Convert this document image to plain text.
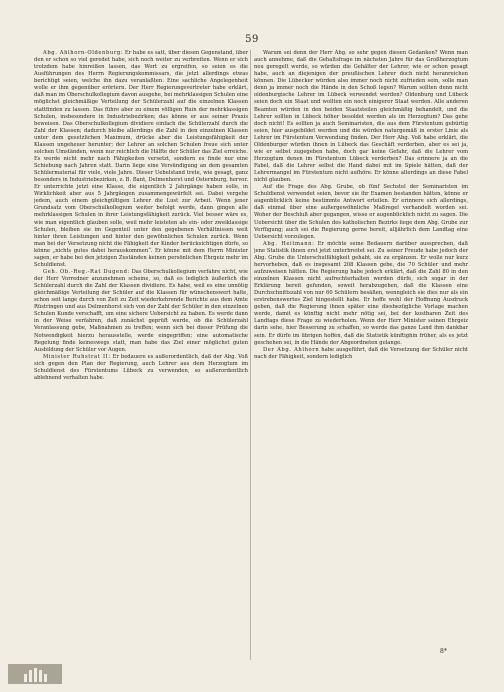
59

Abg. Ahlhorn-Oldenburg: Er habe es satt, über diesen Gegenstand, über den er schon so viel geredet habe, sich noch weiter zu verbreiten. Wenn er sich trotzdem habe hinreißen lassen, das Wort zu ergreifen, so seien es die Ausführungen des Herrn Regierungskommissars, die jetzt allerdings etwas berichtigt seien, welche ihn dazu veranlaßten. Eine sachliche Angelegenheit wolle er ihm gegenüber erörtern. Der Herr Regierungsvertreter habe erklärt, daß man im Oberschulkollegium davon ausgehe, bei mehrklassigen Schulen eine möglichst gleichmäßige Verteilung der Schülerzahl auf die einzelnen Klassen stattfinden zu lassen. Das führe aber zu einem völligen Ruin der mehrklassigen Schulen, insbesondere in Industriebezirken; das könne er aus seiner Praxis beweisen. Das Oberschulkollegium dividiere einfach die Schülerzahl durch die Zahl der Klassen; dadurch bleibe allerdings die Zahl in den einzelnen Klassen unter dem gesetzlichen Maximum, drücke aber die Leistungsfähigkeit der Klassen ungeheuer herunter; der Lehrer an solchen Schulen freue sich unter solchen Umständen, wenn nur reichlich die Hälfte der Schüler das Ziel erreiche. Es werde nicht mehr nach Fähigkeiten versetzt, sondern es finde nur eine Schiebung nach Jahren statt. Darin liege eine Versündigung an dem gesamten Schülermaterial für viele, viele Jahre. Dieser Uebelstand trete, wie gesagt, ganz besonders in Industriebezirken, z. B. Bant, Delmenhorst und Osternburg, hervor. Er unterrichte jetzt eine Klasse, die eigentlich 2 Jahrgänge haben solle, in Wirklichkeit aber aus 5 Jahrgängen zusammengewürfelt sei. Dabei vergehe jedem, auch einem gleichgültigen Lehrer die Lust zur Arbeit. Wenn jener Grundsatz vom Oberschulkollegium weiter befolgt werde, dann gingen alle mehrklassigen Schulen in ihrer Leistungsfähigkeit zurück. Viel besser wäre es, wie man eigentlich glauben solle, weil mehr leisteten als ein- oder zweiklassige Schulen, bleiben sie im Gegenteil unter den gegebenen Verhältnissen weit hinter ihren Leistungen und hinter den gewöhnlichen Schulen zurück. Wenn man bei der Versetzung nicht die Fähigkeit der Kinder berücksichtigen dürfe, so könne „nichts gutes dabei herauskommen“. Er könne mit dem Herrn Minister sagen, er habe bei den jetzigen Zuständen keinen persönlichen Ehrgeiz mehr im Schuldienst.

Geh. Ob.-Reg.-Rat Dugend: Das Oberschulkollegium verfahre nicht, wie der Herr Vorredner anzunehmen scheine, so, daß es lediglich äußerlich die Schülerzahl durch die Zahl der Klassen dividiere. Es habe, weil es eine unnötig gleichmäßige Verteilung der Schüler auf die Klassen für wünschenswert halte, schon seit lange durch von Zeit zu Zeit wiederkehrende Berichte aus dem Amte Rüstringen und aus Delmenhorst sich von der Zahl der Schüler in den einzelnen Schulen Kunde verschafft, um eine sichere Uebersicht zu haben. Es werde dann in der Weise verfahren, daß zunächst geprüft werde, ob die Schülerzahl Veranlassung gebe, Maßnahmen zu treffen; wenn sich bei dieser Prüfung die Notwendigkeit hierzu herausstelle, werde eingegriffen; eine automatische Regelung finde keineswegs statt, man habe das Ziel einer möglichst guten Ausbildung der Schüler vor Augen.

Minister Ruhstrat II: Er bedauere es außerordentlich, daß der Abg. Voß sich gegen den Plan der Regierung, auch Lehrer aus dem Herzogtum im Schuldienst des Fürstentums Lübeck zu verwenden, so außerordentlich ablehnend verhalten habe.

Warum sei denn der Herr Abg. so sehr gegen diesen Gedanken? Wenn man auch annehme, daß die Gehaltsfrage im nächsten Jahre für das Großherzogtum neu geregelt werde, so würden die Gehälter der Lehrer, wie er schon gesagt habe, auch an diejenigen der preußischen Lehrer doch nicht heranreichen können. Die Lübecker würden also immer noch nicht zufrieden sein, solle man denn ja immer noch die Hände in den Schoß legen? Warum sollten denn nicht oldenburgische Lehrer im Lübeck verwendet werden? Oldenburg und Lübeck seien doch ein Staat und wollten ein noch einigerer Staat werden. Alle anderen Beamten würden in den beiden Staatsteilen gleichmäßig behandelt, und die Lehrer sollten in Lübeck höher besoldet werden als im Herzogtum? Das gehe doch nicht! Es sollten ja auch Seminaristen, die aus dem Fürstentum gebürtig seien, hier ausgebildet werden und die würden naturgemäß in erster Linie als Lehrer im Fürstentum Verwendung finden. Der Herr Abg. Voß habe erklärt, die Oldenburger würden ihnen in Lübeck das Geschäft verderben, aber es sei ja, wie er selbst zugegeben habe, doch gar keine Gefahr, daß die Lehrer vom Herzogtum denen im Fürstentum Lübeck verderben? Das erinnere ja an die Fabel, daß die Lehrer selbst die Hand dabei mit im Spiele hätten, daß der Lehrermangel im Fürstentum nicht aufhöre. Er könne allerdings an diese Fabel nicht glauben.

Auf die Frage des Abg. Grube, ob fünf Sechstel der Seminaristen im Schuldienst verwendet seien, bevor sie ihr Examen bestanden hätten, könne er augenblicklich keine bestimmte Antwort erteilen. Er erinnere sich allerdings, daß einmal über eine außergewöhnliche Maßregel verhandelt worden sei. Woher der Beschluß aber gegangen, wisse er augenblicklich nicht zu sagen. Die Uebersicht über die Schulen des katholischen Bezirks liege dem Abg. Grube zur Verfügung; auch sei die Regierung gerne bereit, alljährlich dem Landtag eine Uebersicht vorzulegen.

Abg. Heitmann: Er möchte seine Bedauern darüber aussprechen, daß jene Statistik ihnen erst jetzt unterbreitet sei. Zu seiner Freude habe jedoch der Abg. Grube die Unterschulfähigkeit gehabt, sie zu ergänzen. Er wolle nur kurz hervorheben, daß es insgesamt 208 Klassen gebe, die 70 Schüler und mehr aufzuweisen hätten. Die Regierung habe jedoch erklärt, daß die Zahl 80 in den einzelnen Klassen nicht aufrechterhalten werden dürfe, sich sogar in der Erklärung bereit gefunden, soweit herabzugehen, daß die Klassen eine Durchschnittszahl von nur 60 Schülern besäßen, wenngleich sie dies nur als ein erstrebenswertes Ziel hingestellt habe. Er hoffe wohl der Hoffnung Ausdruck geben, daß die Regierung ihnen später eine diesbezügliche Vorlage machen werde, damit es künftig nicht mehr nötig sei, bei der kostbaren Zeit des Landtags diese Frage zu wiederholen. Wenn der Herr Minister seinen Ehrgeiz darin sehe, hier Besserung zu schaffen, so werde das ganze Land ihm dankbar sein. Er dürfe im übrigen hoffen, daß die Statistik künftighin früher, als es jetzt geschehen sei, in die Hände der Abgeordneten gelange.

Der Abg. Ahlhorn habe ausgeführt, daß die Versetzung der Schüler nicht nach der Fähigkeit, sondern lediglich

8*
